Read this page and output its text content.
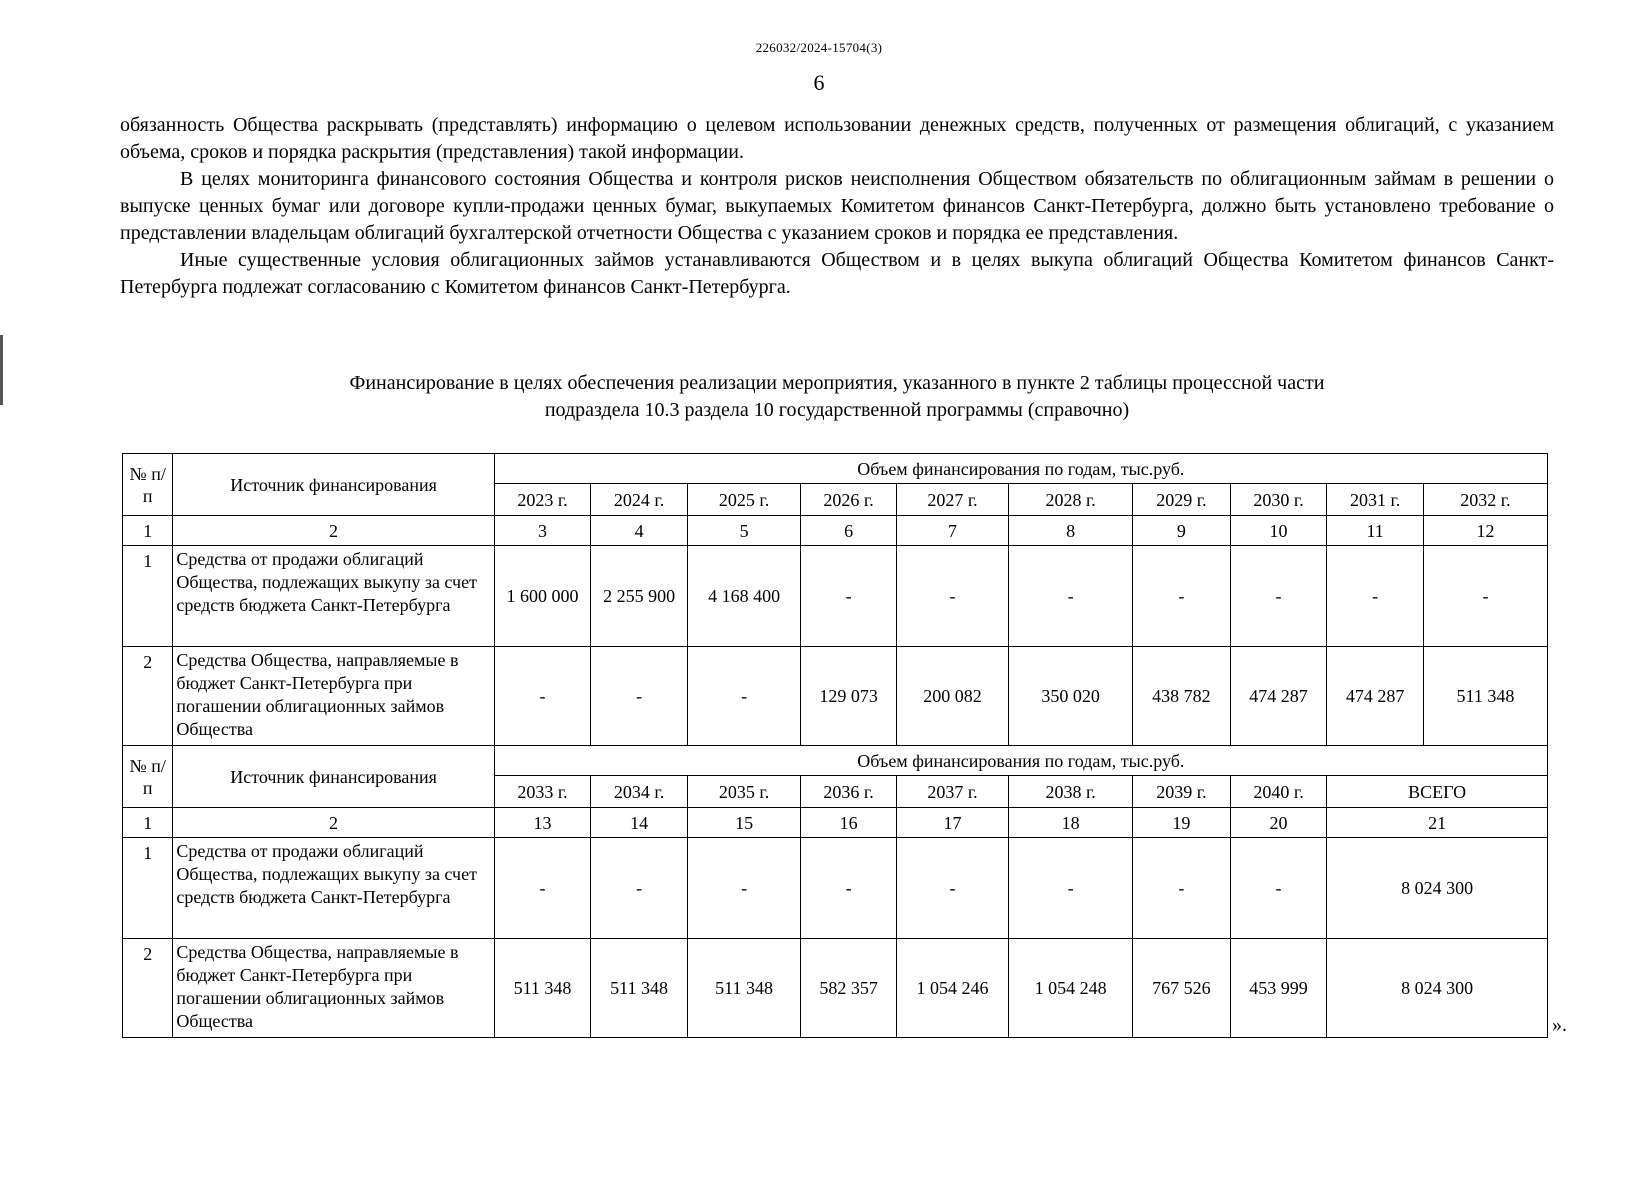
226032/2024-15704(3)
6

обязанность Общества раскрывать (представлять) информацию о целевом использовании денежных средств, полученных от размещения облигаций, с указанием объема, сроков и порядка раскрытия (представления) такой информации.

В целях мониторинга финансового состояния Общества и контроля рисков неисполнения Обществом обязательств по облигационным займам в решении о выпуске ценных бумаг или договоре купли-продажи ценных бумаг, выкупаемых Комитетом финансов Санкт-Петербурга, должно быть установлено требование о представлении владельцам облигаций бухгалтерской отчетности Общества с указанием сроков и порядка ее представления.

Иные существенные условия облигационных займов устанавливаются Обществом и в целях выкупа облигаций Общества Комитетом финансов Санкт-Петербурга подлежат согласованию с Комитетом финансов Санкт-Петербурга.

Финансирование в целях обеспечения реализации мероприятия, указанного в пункте 2 таблицы процессной части
подраздела 10.3 раздела 10 государственной программы (справочно)
№ п/п	Источник финансирования	Объем финансирования по годам, тыс.руб.									
		2023 г.	2024 г.	2025 г.	2026 г.	2027 г.	2028 г.	2029 г.	2030 г.	2031 г.	2032 г.
1	2	3	4	5	6	7	8	9	10	11	12
1	Средства от продажи облигаций Общества, подлежащих выкупу за счет средств бюджета Санкт-Петербурга	1 600 000	2 255 900	4 168 400	-	-	-	-	-	-	-
2	Средства Общества, направляемые в бюджет Санкт-Петербурга при погашении облигационных займов Общества	-	-	-	129 073	200 082	350 020	438 782	474 287	474 287	511 348
№ п/п	Источник финансирования	Объем финансирования по годам, тыс.руб.									
		2033 г.	2034 г.	2035 г.	2036 г.	2037 г.	2038 г.	2039 г.	2040 г.	ВСЕГО	
1	2	13	14	15	16	17	18	19	20	21	
1	Средства от продажи облигаций Общества, подлежащих выкупу за счет средств бюджета Санкт-Петербурга	-	-	-	-	-	-	-	-	8 024 300	
2	Средства Общества, направляемые в бюджет Санкт-Петербурга при погашении облигационных займов Общества	511 348	511 348	511 348	582 357	1 054 246	1 054 248	767 526	453 999	8 024 300	
».
